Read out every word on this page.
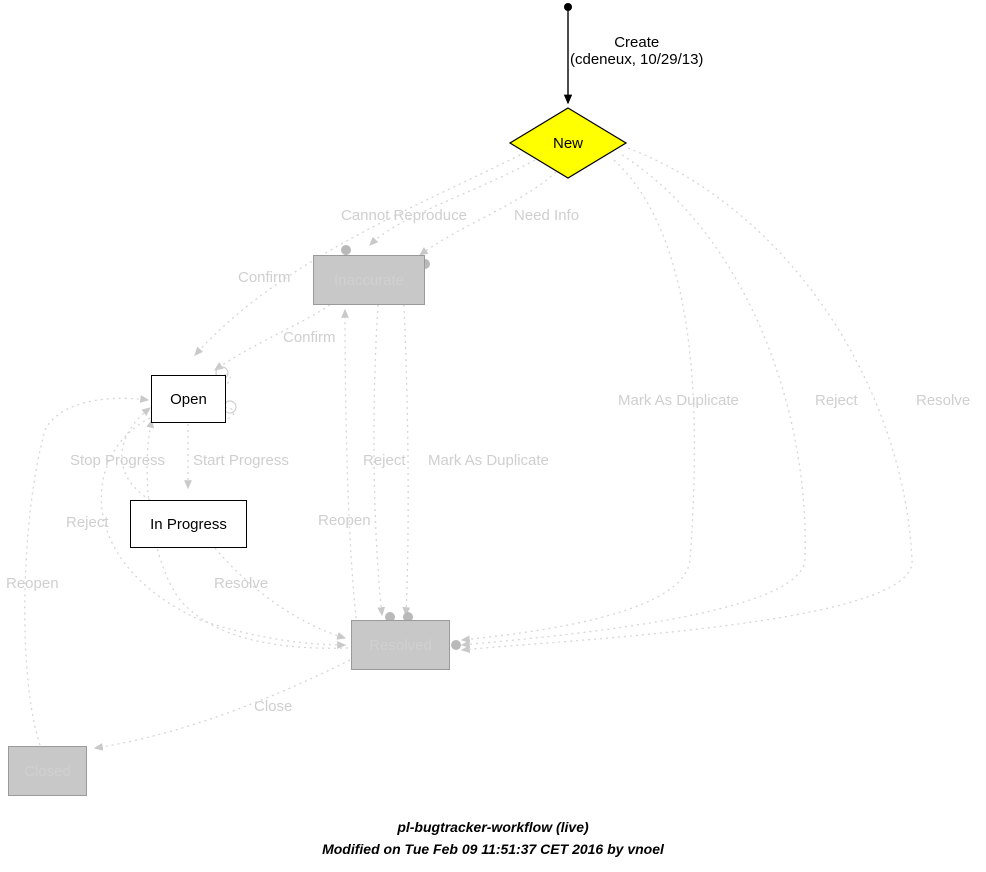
Create
(cdeneux, 10/29/13)
New
Inaccurate
Open
In Progress
Resolved
Closed
Cannot Reproduce	Need Info
Confirm
Confirm
Mark As Duplicate	Reject	Resolve
Stop Progress Start Progress	Reject Mark As Duplicate
Reject	Reopen
Reopen	Resolve
Close
pl-bugtracker-workflow (live)
Modified on Tue Feb 09 11:51:37 CET 2016 by vnoel
